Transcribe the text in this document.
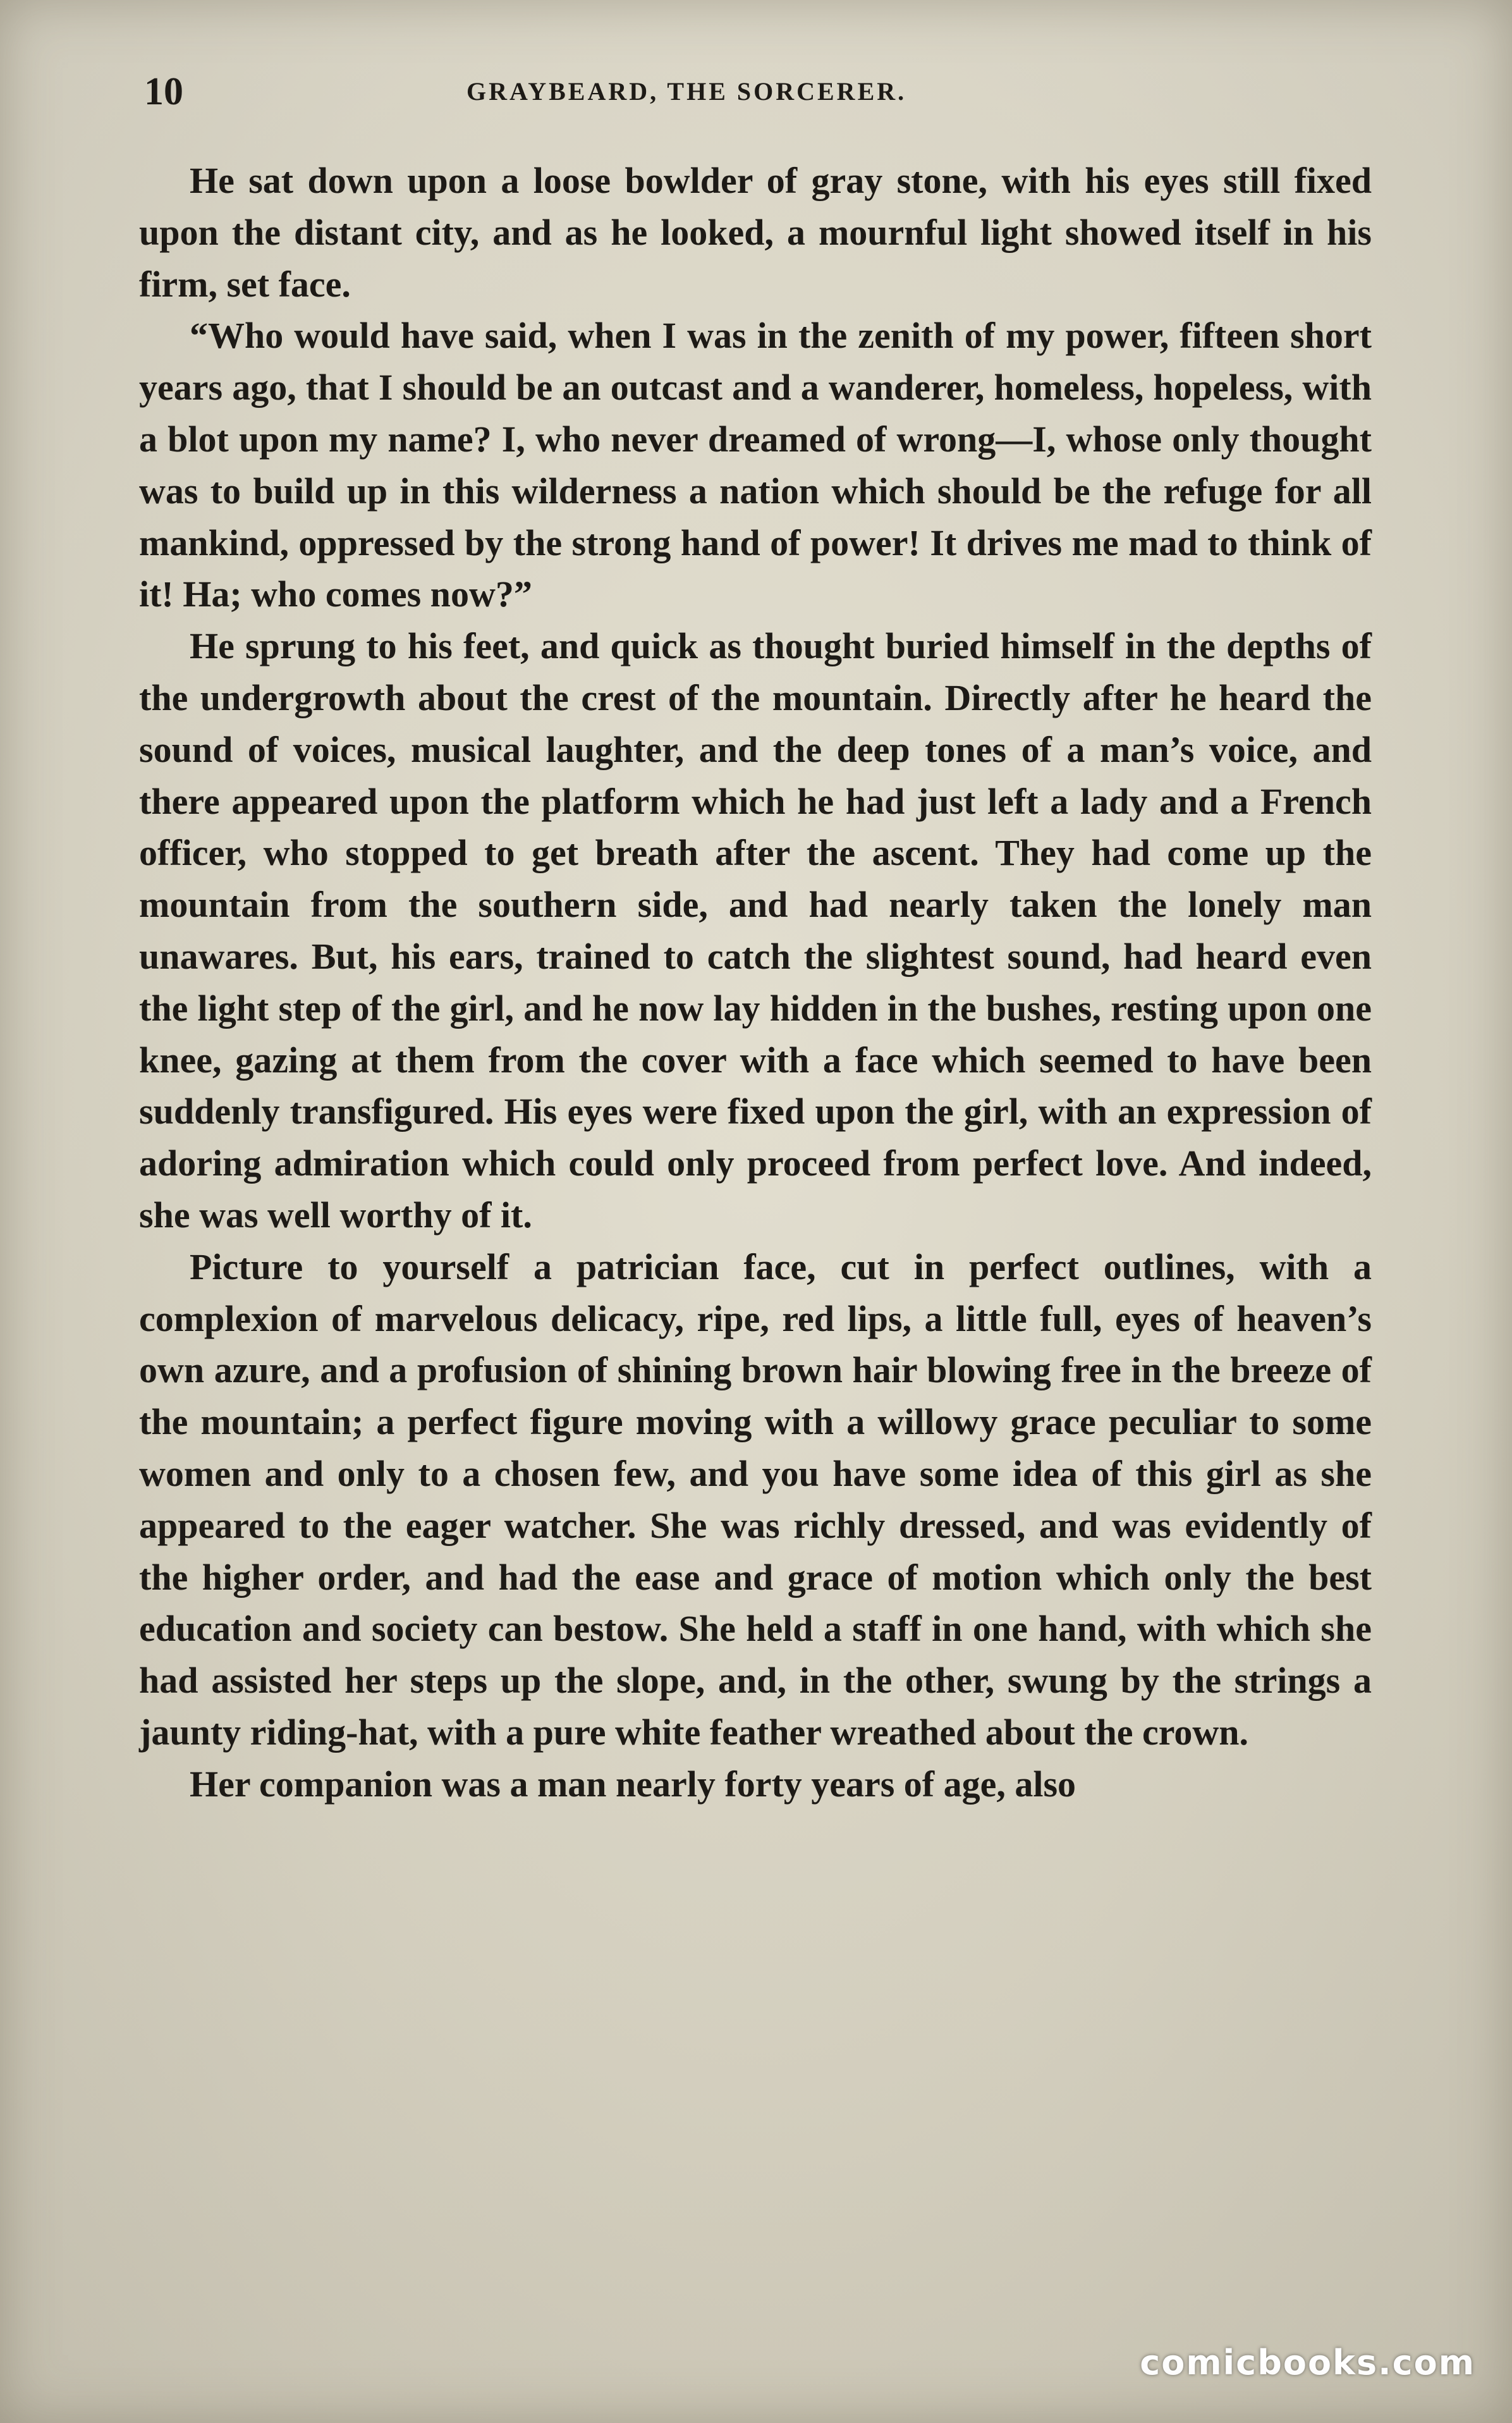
10	GRAYBEARD, THE SORCERER.

He sat down upon a loose bowlder of gray stone, with his eyes still fixed upon the distant city, and as he looked, a mournful light showed itself in his firm, set face.

“Who would have said, when I was in the zenith of my power, fifteen short years ago, that I should be an outcast and a wanderer, homeless, hopeless, with a blot upon my name? I, who never dreamed of wrong—I, whose only thought was to build up in this wilderness a nation which should be the refuge for all mankind, oppressed by the strong hand of power! It drives me mad to think of it! Ha; who comes now?”

He sprung to his feet, and quick as thought buried himself in the depths of the undergrowth about the crest of the mountain. Directly after he heard the sound of voices, musical laughter, and the deep tones of a man’s voice, and there appeared upon the platform which he had just left a lady and a French officer, who stopped to get breath after the ascent. They had come up the mountain from the southern side, and had nearly taken the lonely man unawares. But, his ears, trained to catch the slightest sound, had heard even the light step of the girl, and he now lay hidden in the bushes, resting upon one knee, gazing at them from the cover with a face which seemed to have been suddenly transfigured. His eyes were fixed upon the girl, with an expression of adoring admiration which could only proceed from perfect love. And indeed, she was well worthy of it.

Picture to yourself a patrician face, cut in perfect outlines, with a complexion of marvelous delicacy, ripe, red lips, a little full, eyes of heaven’s own azure, and a profusion of shining brown hair blowing free in the breeze of the mountain; a perfect figure moving with a willowy grace peculiar to some women and only to a chosen few, and you have some idea of this girl as she appeared to the eager watcher. She was richly dressed, and was evidently of the higher order, and had the ease and grace of motion which only the best education and society can bestow. She held a staff in one hand, with which she had assisted her steps up the slope, and, in the other, swung by the strings a jaunty riding-hat, with a pure white feather wreathed about the crown.

Her companion was a man nearly forty years of age, also

comicbooks.com
